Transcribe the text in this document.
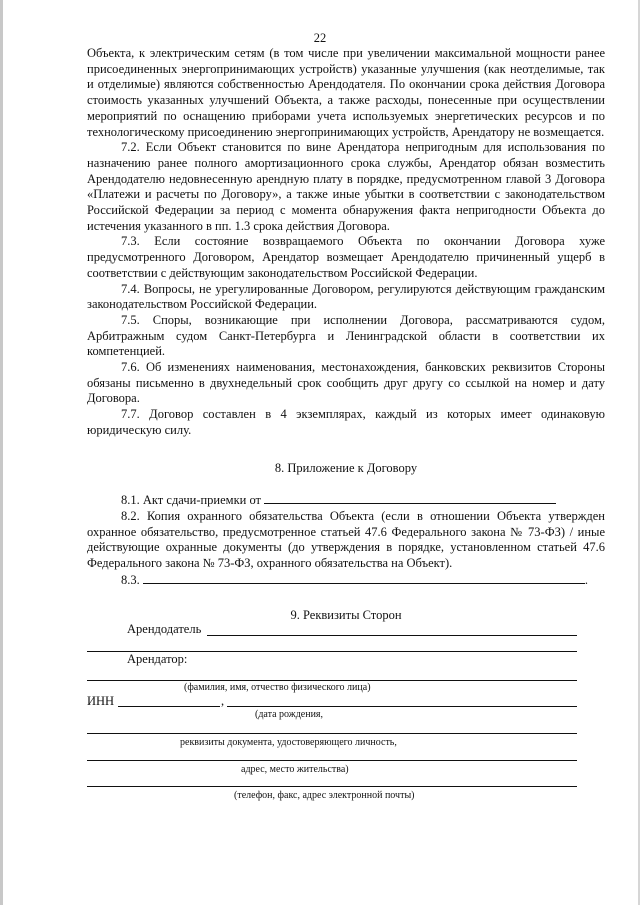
22

Объекта, к электрическим сетям (в том числе при увеличении максимальной мощности ранее присоединенных энергопринимающих устройств) указанные улучшения (как неотделимые, так и отделимые) являются собственностью Арендодателя. По окончании срока действия Договора стоимость указанных улучшений Объекта, а также расходы, понесенные при осуществлении мероприятий по оснащению приборами учета используемых энергетических ресурсов и по технологическому присоединению энергопринимающих устройств, Арендатору не возмещается.

7.2. Если Объект становится по вине Арендатора непригодным для использования по назначению ранее полного амортизационного срока службы, Арендатор обязан возместить Арендодателю недовнесенную арендную плату в порядке, предусмотренном главой 3 Договора «Платежи и расчеты по Договору», а также иные убытки в соответствии с законодательством Российской Федерации за период с момента обнаружения факта непригодности Объекта до истечения указанного в пп. 1.3 срока действия Договора.

7.3. Если состояние возвращаемого Объекта по окончании Договора хуже предусмотренного Договором, Арендатор возмещает Арендодателю причиненный ущерб в соответствии с действующим законодательством Российской Федерации.

7.4. Вопросы, не урегулированные Договором, регулируются действующим гражданским законодательством Российской Федерации.

7.5. Споры, возникающие при исполнении Договора, рассматриваются судом, Арбитражным судом Санкт-Петербурга и Ленинградской области в соответствии их компетенцией.

7.6. Об изменениях наименования, местонахождения, банковских реквизитов Стороны обязаны письменно в двухнедельный срок сообщить друг другу со ссылкой на номер и дату Договора.

7.7. Договор составлен в 4 экземплярах, каждый из которых имеет одинаковую юридическую силу.

8. Приложение к Договору

8.1. Акт сдачи-приемки от

8.2. Копия охранного обязательства Объекта (если в отношении Объекта утвержден охранное обязательство, предусмотренное статьей 47.6 Федерального закона № 73-ФЗ) / иные действующие охранные документы (до утверждения в порядке, установленном статьей 47.6 Федерального закона № 73-ФЗ, охранного обязательства на Объект).

8.3.	.

9. Реквизиты Сторон

Арендодатель
Арендатор:
(фамилия, имя, отчество физического лица)
ИНН	,
(дата рождения,
реквизиты документа, удостоверяющего личность,
адрес, место жительства)
(телефон, факс, адрес электронной почты)
